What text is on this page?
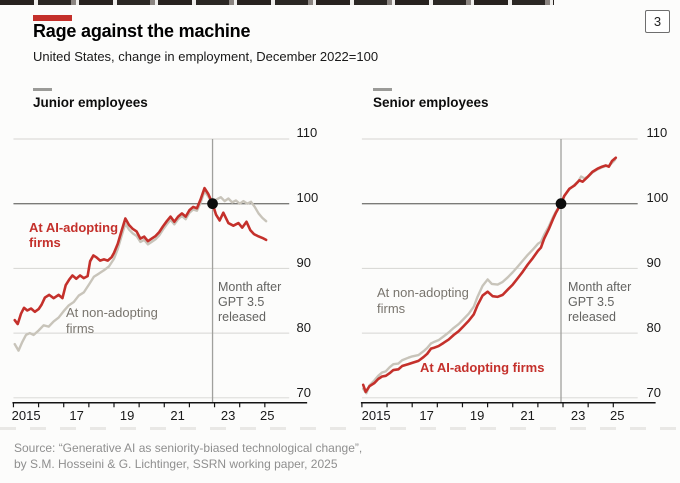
3
Rage against the machine
United States, change in employment, December 2022=100
Junior employees	Senior employees
70
80
90
100
110
2015 17	19	21	23 25
70
80
90
100
110
2015 17	19	21	23 25
At AI-adopting
firms
At non-adopting
firms
Month after
GPT 3.5
released
At non-adopting
firms
At AI-adopting firms
Month after
GPT 3.5
released
Source: “Generative AI as seniority-biased technological change”,
by S.M. Hosseini & G. Lichtinger, SSRN working paper, 2025
